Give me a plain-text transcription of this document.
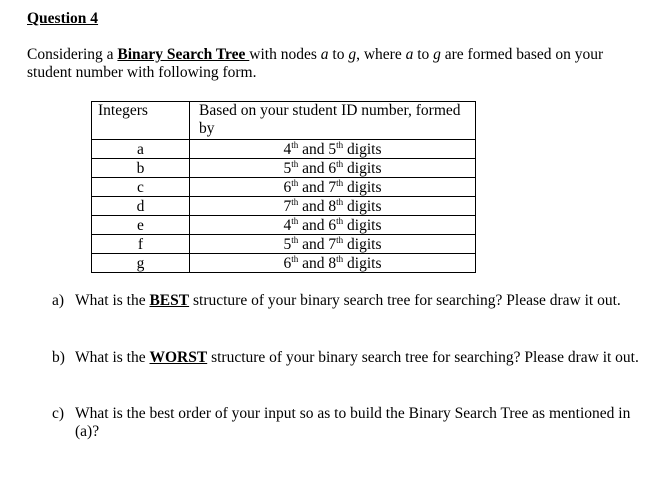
Question 4
Considering a Binary Search Tree with nodes a to g, where a to g are formed based on your student number with following form.
Integers	Based on your student ID number, formed by
a	4th and 5th digits
b	5th and 6th digits
c	6th and 7th digits
d	7th and 8th digits
e	4th and 6th digits
f	5th and 7th digits
g	6th and 8th digits
a) What is the BEST structure of your binary search tree for searching? Please draw it out.
b) What is the WORST structure of your binary search tree for searching? Please draw it out.
c) What is the best order of your input so as to build the Binary Search Tree as mentioned in (a)?
